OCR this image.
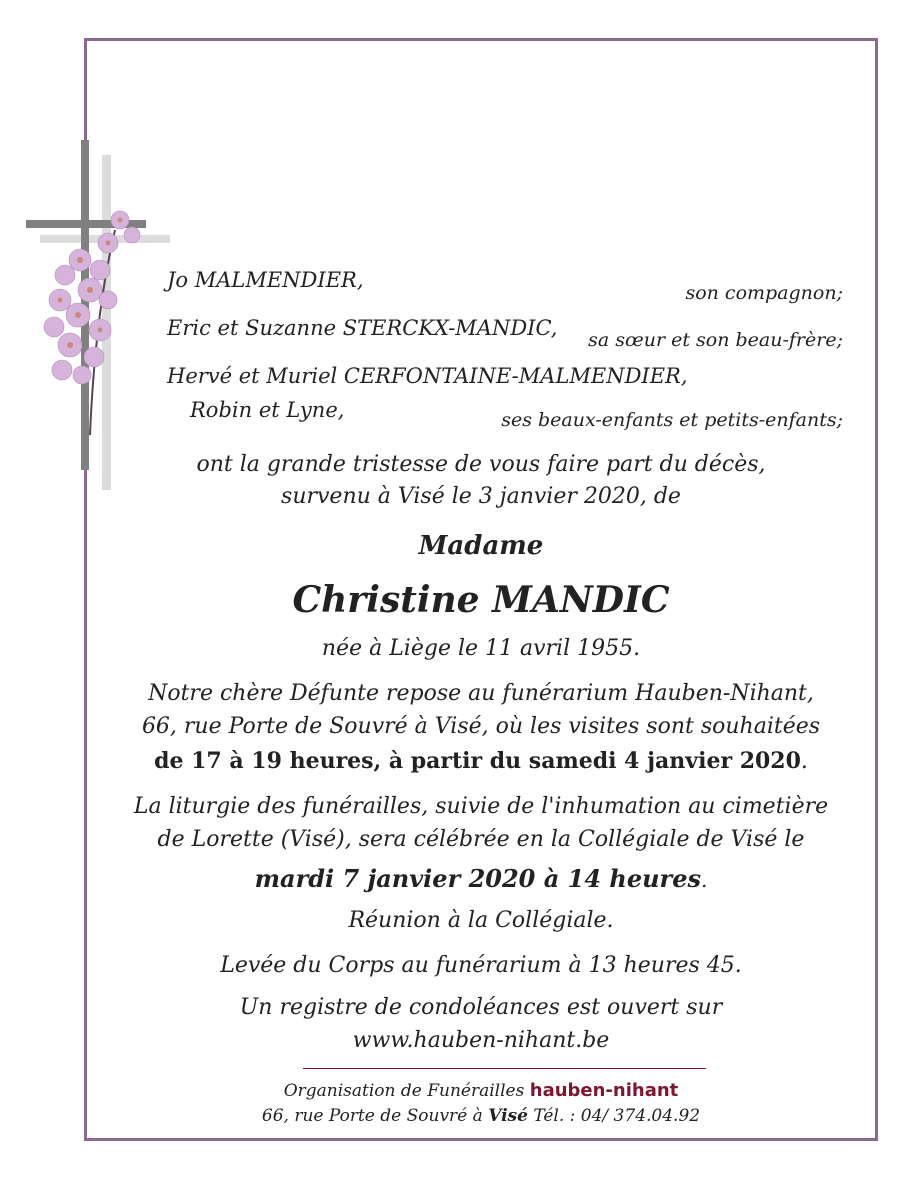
Jo MALMENDIER,
son compagnon;
Eric et Suzanne STERCKX-MANDIC, sa sœur et son beau-frère;
Hervé et Muriel CERFONTAINE-MALMENDIER,
Robin et Lyne,	ses beaux-enfants et petits-enfants;
ont la grande tristesse de vous faire part du décès,
survenu à Visé le 3 janvier 2020, de
Madame
Christine MANDIC
née à Liège le 11 avril 1955.
Notre chère Défunte repose au funérarium Hauben-Nihant,
66, rue Porte de Souvré à Visé, où les visites sont souhaitées
de 17 à 19 heures, à partir du samedi 4 janvier 2020.
La liturgie des funérailles, suivie de l'inhumation au cimetière
de Lorette (Visé), sera célébrée en la Collégiale de Visé le
mardi 7 janvier 2020 à 14 heures.
Réunion à la Collégiale.
Levée du Corps au funérarium à 13 heures 45.
Un registre de condoléances est ouvert sur
www.hauben-nihant.be
Organisation de Funérailles hauben-nihant
66, rue Porte de Souvré à Visé Tél. : 04/ 374.04.92
